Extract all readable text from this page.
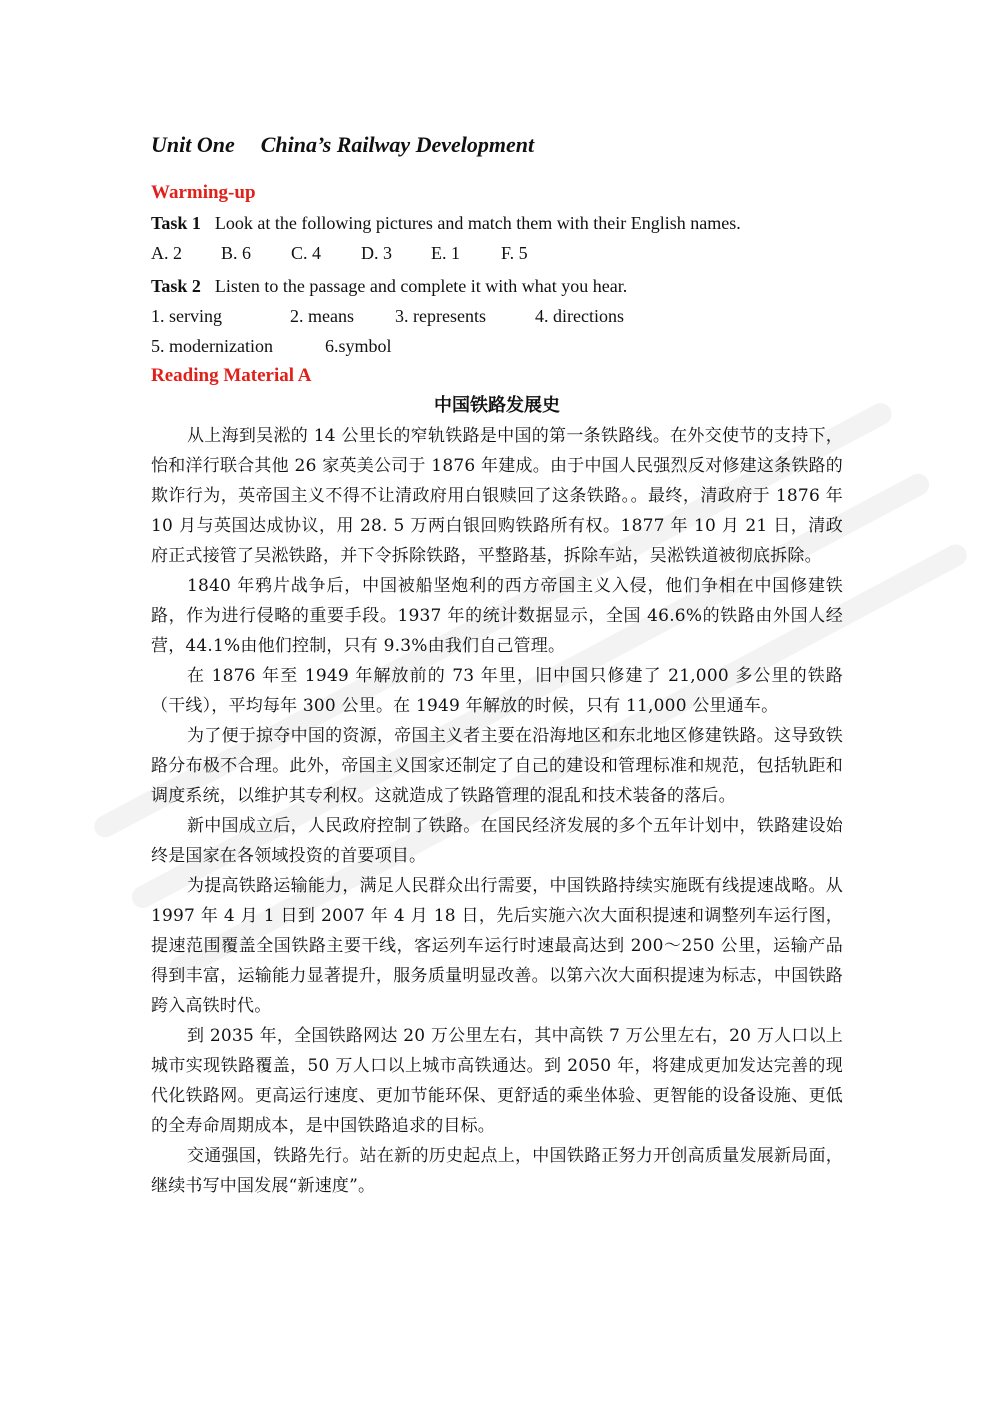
Unit One China’s Railway Development
Warming-up
Task 1 Look at the following pictures and match them with their English names.
A. 2 B. 6 C. 4 D. 3 E. 1 F. 5
Task 2 Listen to the passage and complete it with what you hear.
1. serving	2. means 3. represents	4. directions
5. modernization	6.symbol
Reading Material A
中国铁路发展史

从上海到吴淞的 14 公里长的窄轨铁路是中国的第一条铁路线。在外交使节的支持下，怡和洋行联合其他 26 家英美公司于 1876 年建成。由于中国人民强烈反对修建这条铁路的欺诈行为，英帝国主义不得不让清政府用白银赎回了这条铁路。。最终，清政府于 1876 年 10 月与英国达成协议，用 28. 5 万两白银回购铁路所有权。1877 年 10 月 21 日，清政府正式接管了吴淞铁路，并下令拆除铁路，平整路基，拆除车站，吴淞铁道被彻底拆除。

1840 年鸦片战争后，中国被船坚炮利的西方帝国主义入侵，他们争相在中国修建铁路，作为进行侵略的重要手段。1937 年的统计数据显示，全国 46.6%的铁路由外国人经营，44.1%由他们控制，只有 9.3%由我们自己管理。

在 1876 年至 1949 年解放前的 73 年里，旧中国只修建了 21,000 多公里的铁路（干线），平均每年 300 公里。在 1949 年解放的时候，只有 11,000 公里通车。

为了便于掠夺中国的资源，帝国主义者主要在沿海地区和东北地区修建铁路。这导致铁路分布极不合理。此外，帝国主义国家还制定了自己的建设和管理标准和规范，包括轨距和调度系统，以维护其专利权。这就造成了铁路管理的混乱和技术装备的落后。

新中国成立后，人民政府控制了铁路。在国民经济发展的多个五年计划中，铁路建设始终是国家在各领域投资的首要项目。

为提高铁路运输能力，满足人民群众出行需要，中国铁路持续实施既有线提速战略。从 1997 年 4 月 1 日到 2007 年 4 月 18 日，先后实施六次大面积提速和调整列车运行图，提速范围覆盖全国铁路主要干线，客运列车运行时速最高达到 200～250 公里，运输产品得到丰富，运输能力显著提升，服务质量明显改善。以第六次大面积提速为标志，中国铁路跨入高铁时代。

到 2035 年，全国铁路网达 20 万公里左右，其中高铁 7 万公里左右，20 万人口以上城市实现铁路覆盖，50 万人口以上城市高铁通达。到 2050 年，将建成更加发达完善的现代化铁路网。更高运行速度、更加节能环保、更舒适的乘坐体验、更智能的设备设施、更低的全寿命周期成本，是中国铁路追求的目标。

交通强国，铁路先行。站在新的历史起点上，中国铁路正努力开创高质量发展新局面，继续书写中国发展“新速度”。
